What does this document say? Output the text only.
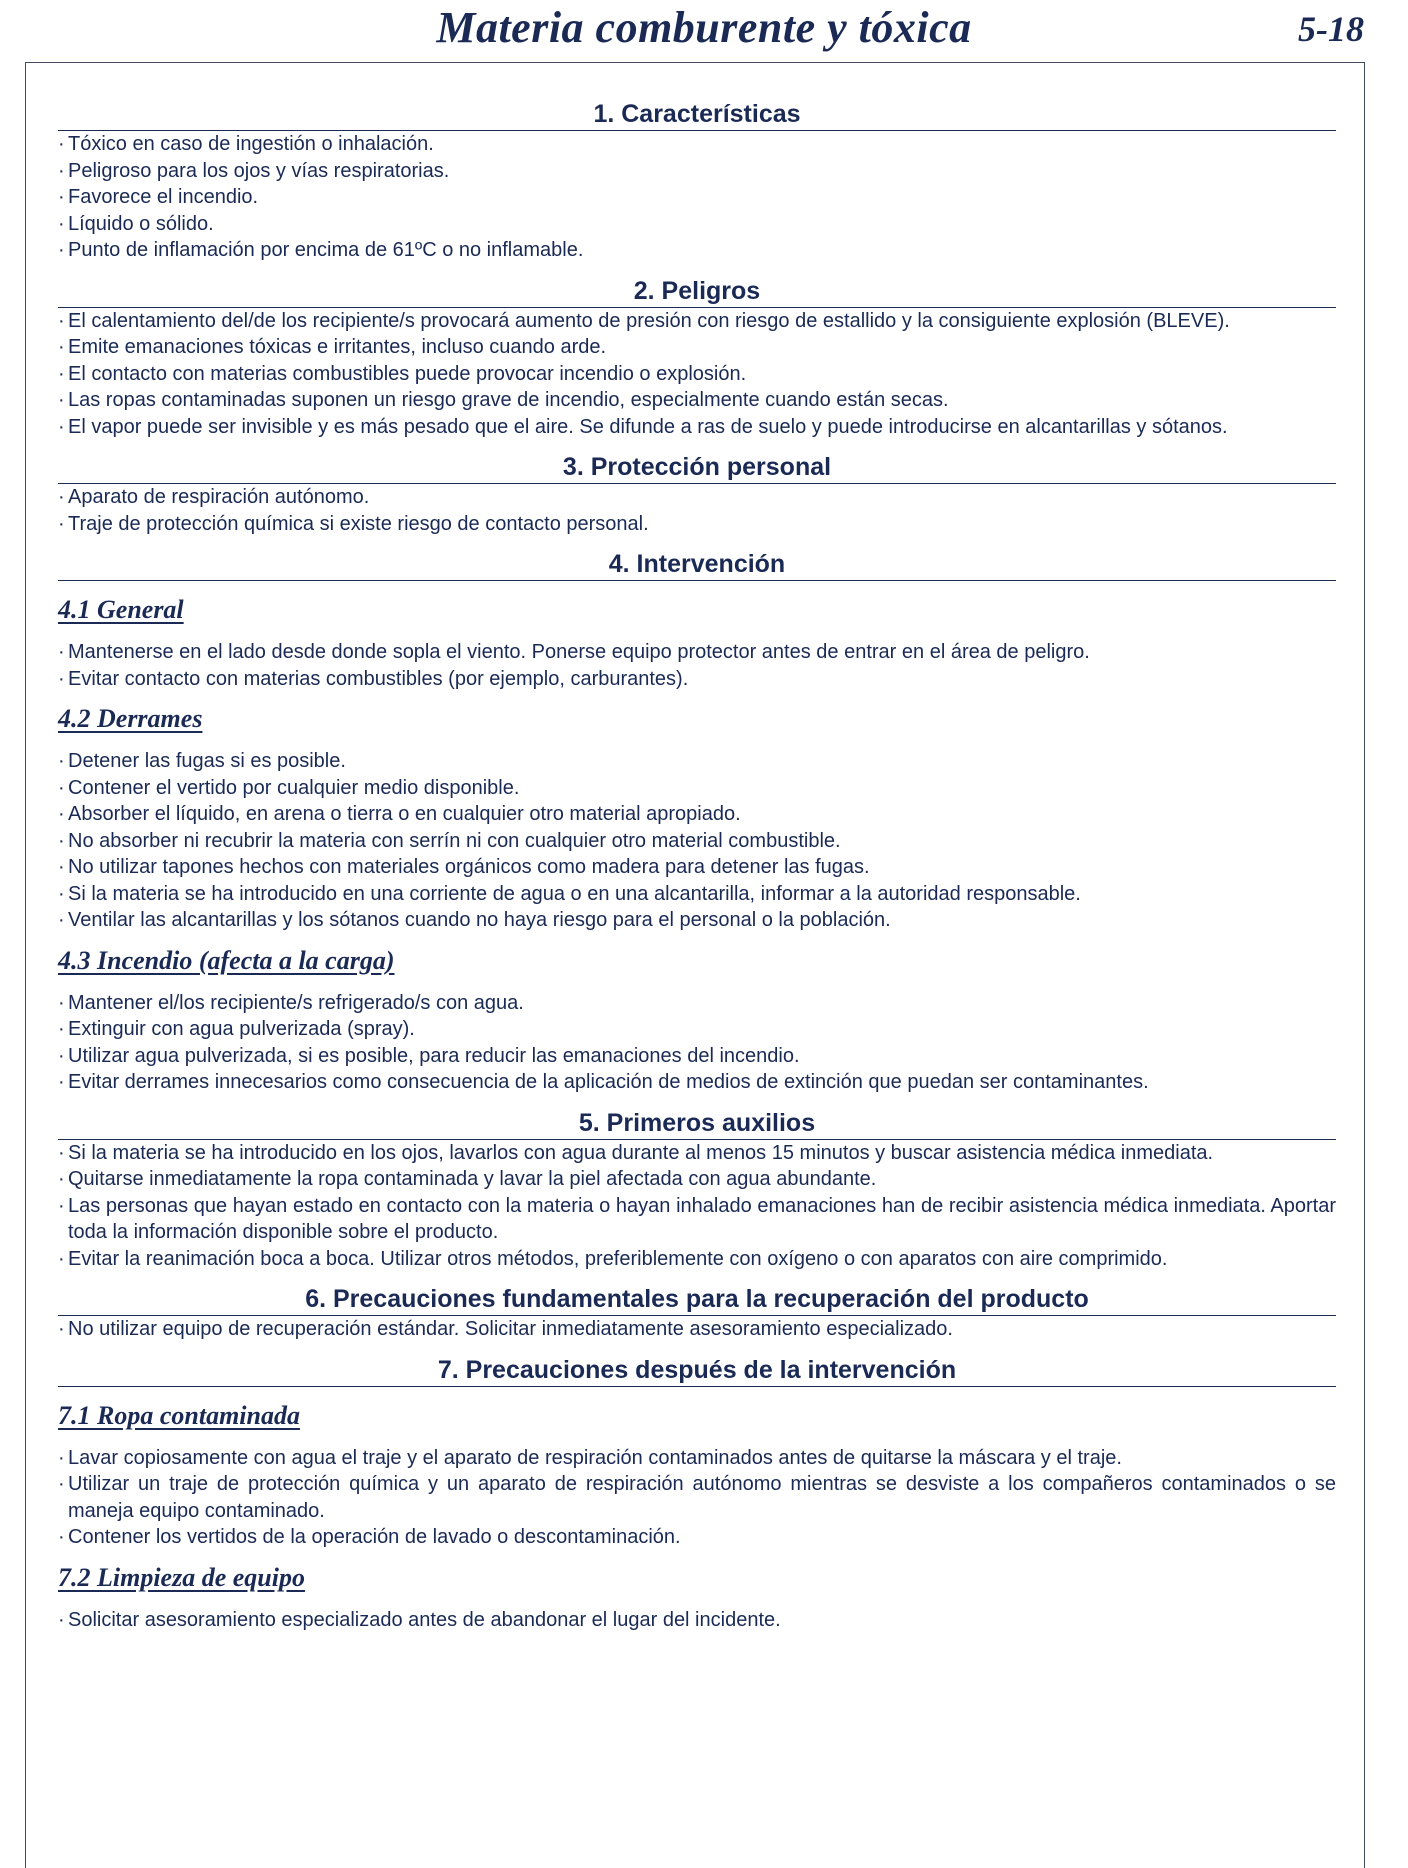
Materia comburente y tóxica	5-18
1. Características
· Tóxico en caso de ingestión o inhalación.
· Peligroso para los ojos y vías respiratorias.
· Favorece el incendio.
· Líquido o sólido.
· Punto de inflamación por encima de 61ºC o no inflamable.
2. Peligros
· El calentamiento del/de los recipiente/s provocará aumento de presión con riesgo de estallido y la consiguiente explosión (BLEVE).
· Emite emanaciones tóxicas e irritantes, incluso cuando arde.
· El contacto con materias combustibles puede provocar incendio o explosión.
· Las ropas contaminadas suponen un riesgo grave de incendio, especialmente cuando están secas.
· El vapor puede ser invisible y es más pesado que el aire. Se difunde a ras de suelo y puede introducirse en alcantarillas y sótanos.
3. Protección personal
· Aparato de respiración autónomo.
· Traje de protección química si existe riesgo de contacto personal.
4. Intervención
4.1 General
· Mantenerse en el lado desde donde sopla el viento. Ponerse equipo protector antes de entrar en el área de peligro.
· Evitar contacto con materias combustibles (por ejemplo, carburantes).
4.2 Derrames
· Detener las fugas si es posible.
· Contener el vertido por cualquier medio disponible.
· Absorber el líquido, en arena o tierra o en cualquier otro material apropiado.
· No absorber ni recubrir la materia con serrín ni con cualquier otro material combustible.
· No utilizar tapones hechos con materiales orgánicos como madera para detener las fugas.
· Si la materia se ha introducido en una corriente de agua o en una alcantarilla, informar a la autoridad responsable.
· Ventilar las alcantarillas y los sótanos cuando no haya riesgo para el personal o la población.
4.3 Incendio (afecta a la carga)
· Mantener el/los recipiente/s refrigerado/s con agua.
· Extinguir con agua pulverizada (spray).
· Utilizar agua pulverizada, si es posible, para reducir las emanaciones del incendio.
· Evitar derrames innecesarios como consecuencia de la aplicación de medios de extinción que puedan ser contaminantes.
5. Primeros auxilios
· Si la materia se ha introducido en los ojos, lavarlos con agua durante al menos 15 minutos y buscar asistencia médica inmediata.
· Quitarse inmediatamente la ropa contaminada y lavar la piel afectada con agua abundante.
· Las personas que hayan estado en contacto con la materia o hayan inhalado emanaciones han de recibir asistencia médica inmediata. Aportar toda la información disponible sobre el producto.
· Evitar la reanimación boca a boca. Utilizar otros métodos, preferiblemente con oxígeno o con aparatos con aire comprimido.
6. Precauciones fundamentales para la recuperación del producto
· No utilizar equipo de recuperación estándar. Solicitar inmediatamente asesoramiento especializado.
7. Precauciones después de la intervención
7.1 Ropa contaminada
· Lavar copiosamente con agua el traje y el aparato de respiración contaminados antes de quitarse la máscara y el traje.
· Utilizar un traje de protección química y un aparato de respiración autónomo mientras se desviste a los compañeros contaminados o se maneja equipo contaminado.
· Contener los vertidos de la operación de lavado o descontaminación.
7.2 Limpieza de equipo
· Solicitar asesoramiento especializado antes de abandonar el lugar del incidente.
